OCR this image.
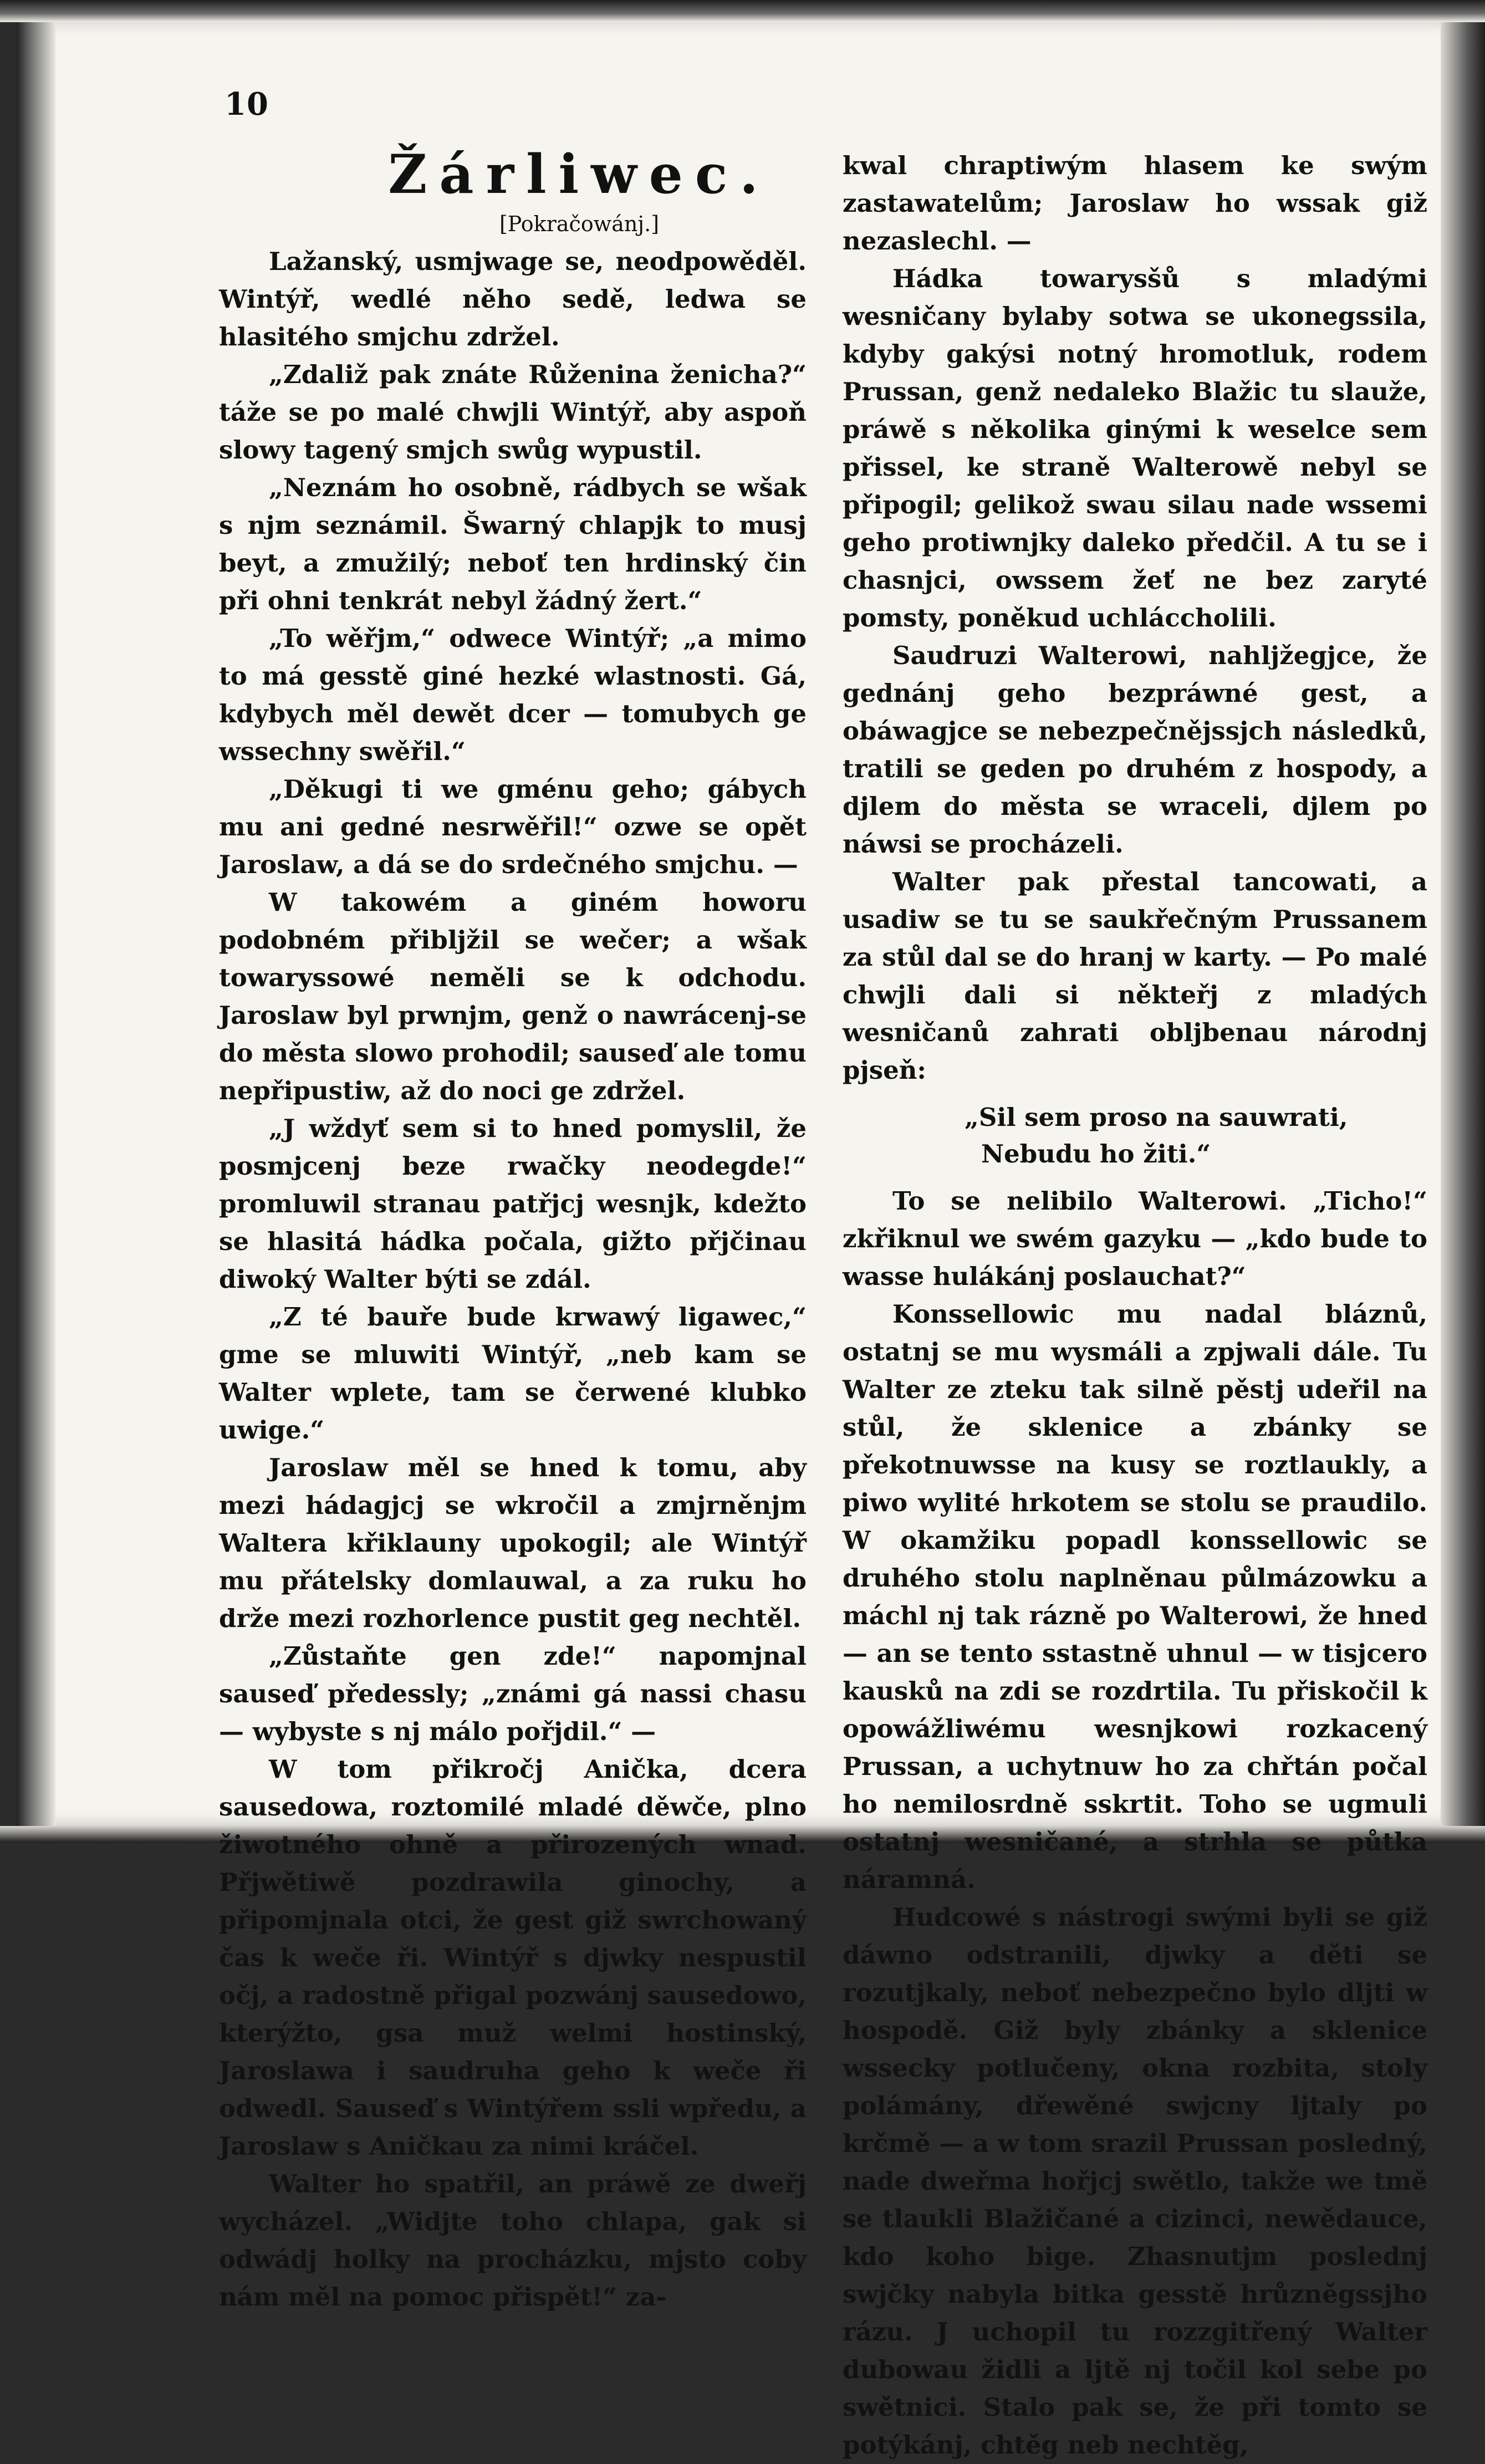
10
Žárliwec.
[Pokračowánj.]

Lažanský, usmjwage se, neodpowěděl. Wintýř, wedlé něho sedě, ledwa se hlasitého smjchu zdržel.

„Zdaliž pak znáte Růženina ženicha?“ táže se po malé chwjli Wintýř, aby aspoň slowy tagený smjch swůg wypustil.

„Neznám ho osobně, rádbych se wšak s njm seznámil. Šwarný chlapjk to musj beyt, a zmužilý; neboť ten hrdinský čin při ohni tenkrát nebyl žádný žert.“

„To wěřjm,“ odwece Wintýř; „a mimo to má gesstě giné hezké wlastnosti. Gá, kdybych měl dewět dcer — tomubych ge wssechny swěřil.“

„Děkugi ti we gménu geho; gábych mu ani gedné nesrwěřil!“ ozwe se opět Jaroslaw, a dá se do srdečného smjchu. —

W takowém a giném howoru podobném přibljžil se wečer; a wšak towaryssowé neměli se k odchodu. Jaroslaw byl prwnjm, genž o nawrácenj-se do města slowo prohodil; sauseď ale tomu nepřipustiw, až do noci ge zdržel.

„J wždyť sem si to hned pomyslil, že posmjcenj beze rwačky neodegde!“ promluwil stranau patřjcj wesnjk, kdežto se hlasitá hádka počala, gižto přjčinau diwoký Walter býti se zdál.

„Z té bauře bude krwawý ligawec,“ gme se mluwiti Wintýř, „neb kam se Walter wplete, tam se čerwené klubko uwige.“

Jaroslaw měl se hned k tomu, aby mezi hádagjcj se wkročil a zmjrněnjm Waltera křiklauny upokogil; ale Wintýř mu přátelsky domlauwal, a za ruku ho drže mezi rozhorlence pustit geg nechtěl.

„Zůstaňte gen zde!“ napomjnal sauseď předessly; „známi gá nassi chasu — wybyste s nj málo pořjdil.“ —

W tom přikročj Anička, dcera sausedowa, roztomilé mladé děwče, plno žiwotného ohně a přirozených wnad. Přjwětiwě pozdrawila ginochy, a připomjnala otci, že gest giž swrchowaný čas k weče ři. Wintýř s djwky nespustil očj, a radostně přigal pozwánj sausedowo, kterýžto, gsa muž welmi hostinský, Jaroslawa i saudruha geho k weče ři odwedl. Sauseď s Wintýřem ssli wpředu, a Jaroslaw s Aničkau za nimi kráčel.

Walter ho spatřil, an práwě ze dweřj wycházel. „Widjte toho chlapa, gak si odwádj holky na procházku, mjsto coby nám měl na pomoc přispět!“ za-

kwal chraptiwým hlasem ke swým zastawatelům; Jaroslaw ho wssak giž nezaslechl. —

Hádka towarysšů s mladými wesničany bylaby sotwa se ukonegssila, kdyby gakýsi notný hromotluk, rodem Prussan, genž nedaleko Blažic tu slauže, práwě s několika ginými k weselce sem přissel, ke straně Walterowě nebyl se připogil; gelikož swau silau nade wssemi geho protiwnjky daleko předčil. A tu se i chasnjci, owssem žeť ne bez zaryté pomsty, poněkud uchláccholili.

Saudruzi Walterowi, nahljžegjce, že gednánj geho bezpráwné gest, a obáwagjce se nebezpečnějssjch následků, tratili se geden po druhém z hospody, a djlem do města se wraceli, djlem po náwsi se procházeli.

Walter pak přestal tancowati, a usadiw se tu se saukřečným Prussanem za stůl dal se do hranj w karty. — Po malé chwjli dali si někteřj z mladých wesničanů zahrati obljbenau národnj pjseň:

„Sil sem proso na sauwrati,
Nebudu ho žiti.“

To se nelibilo Walterowi. „Ticho!“ zkřiknul we swém gazyku — „kdo bude to wasse hulákánj poslauchat?“

Konssellowic mu nadal bláznů, ostatnj se mu wysmáli a zpjwali dále. Tu Walter ze zteku tak silně pěstj udeřil na stůl, že sklenice a zbánky se překotnuwsse na kusy se roztlaukly, a piwo wylité hrkotem se stolu se praudilo. W okamžiku popadl konssellowic se druhého stolu naplněnau půlmázowku a máchl nj tak rázně po Walterowi, že hned — an se tento sstastně uhnul — w tisjcero kausků na zdi se rozdrtila. Tu přiskočil k opowážliwému wesnjkowi rozkacený Prussan, a uchytnuw ho za chřtán počal ho nemilosrdně sskrtit. Toho se ugmuli ostatnj wesničané, a strhla se půtka náramná.

Hudcowé s nástrogi swými byli se giž dáwno odstranili, djwky a děti se rozutjkaly, neboť nebezpečno bylo dljti w hospodě. Giž byly zbánky a sklenice wssecky potlučeny, okna rozbita, stoly polámány, dřewěné swjcny ljtaly po krčmě — a w tom srazil Prussan posledný, nade dweřma hořjcj swětlo, takže we tmě se tlaukli Blažičané a cizinci, newědauce, kdo koho bige. Zhasnutjm poslednj swjčky nabyla bitka gesstě hrůzněgssjho rázu. J uchopil tu rozzgitřený Walter dubowau židli a ljtě nj točil kol sebe po swětnici. Stalo pak se, že při tomto se potýkánj, chtěg neb nechtěg,
